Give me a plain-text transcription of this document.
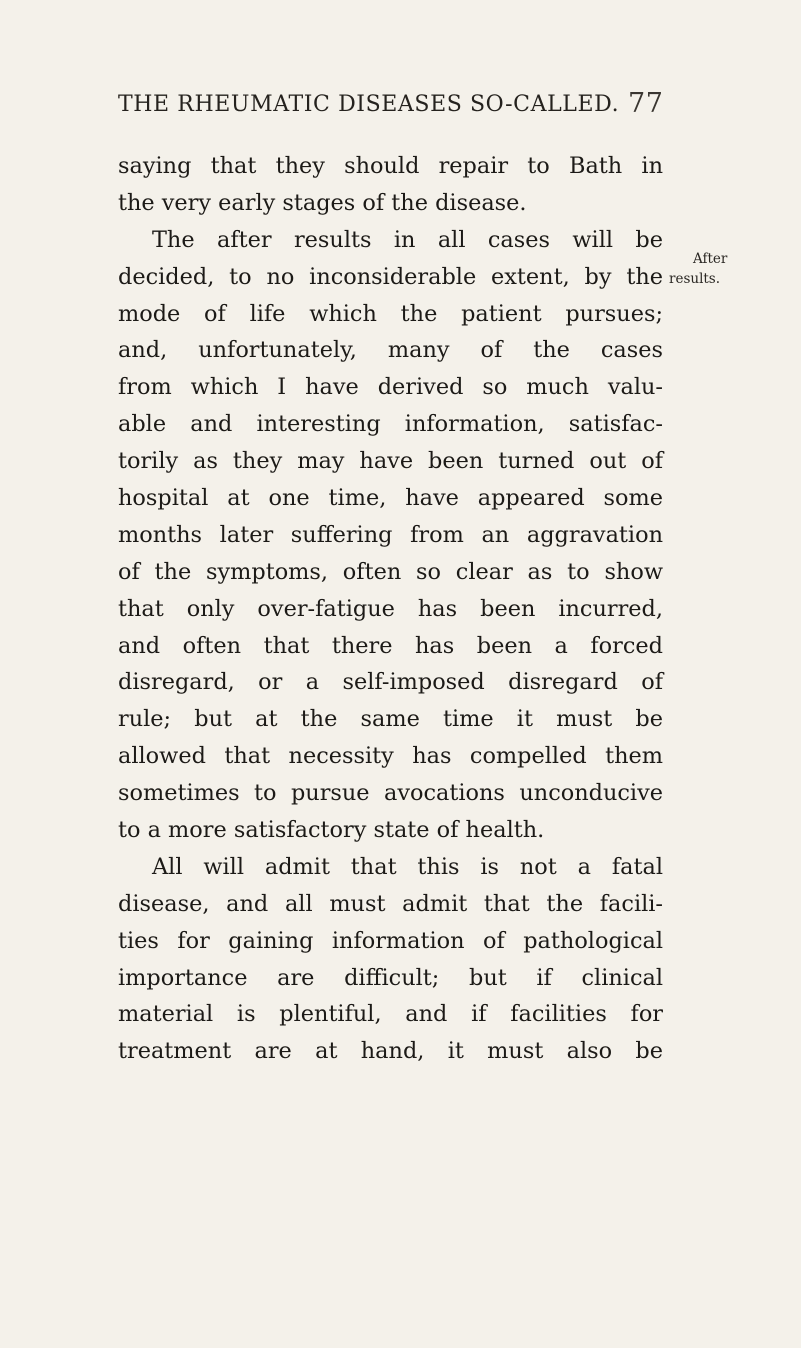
THE RHEUMATIC DISEASES SO-CALLED. 77
After
results.
saying that they should repair to Bath in
the very early stages of the disease.
The after results in all cases will be
decided, to no inconsiderable extent, by the
mode of life which the patient pursues;
and, unfortunately, many of the cases
from which I have derived so much valu-
able and interesting information, satisfac-
torily as they may have been turned out of
hospital at one time, have appeared some
months later suffering from an aggravation
of the symptoms, often so clear as to show
that only over-fatigue has been incurred,
and often that there has been a forced
disregard, or a self-imposed disregard of
rule; but at the same time it must be
allowed that necessity has compelled them
sometimes to pursue avocations unconducive
to a more satisfactory state of health.
All will admit that this is not a fatal
disease, and all must admit that the facili-
ties for gaining information of pathological
importance are difficult; but if clinical
material is plentiful, and if facilities for
treatment are at hand, it must also be
